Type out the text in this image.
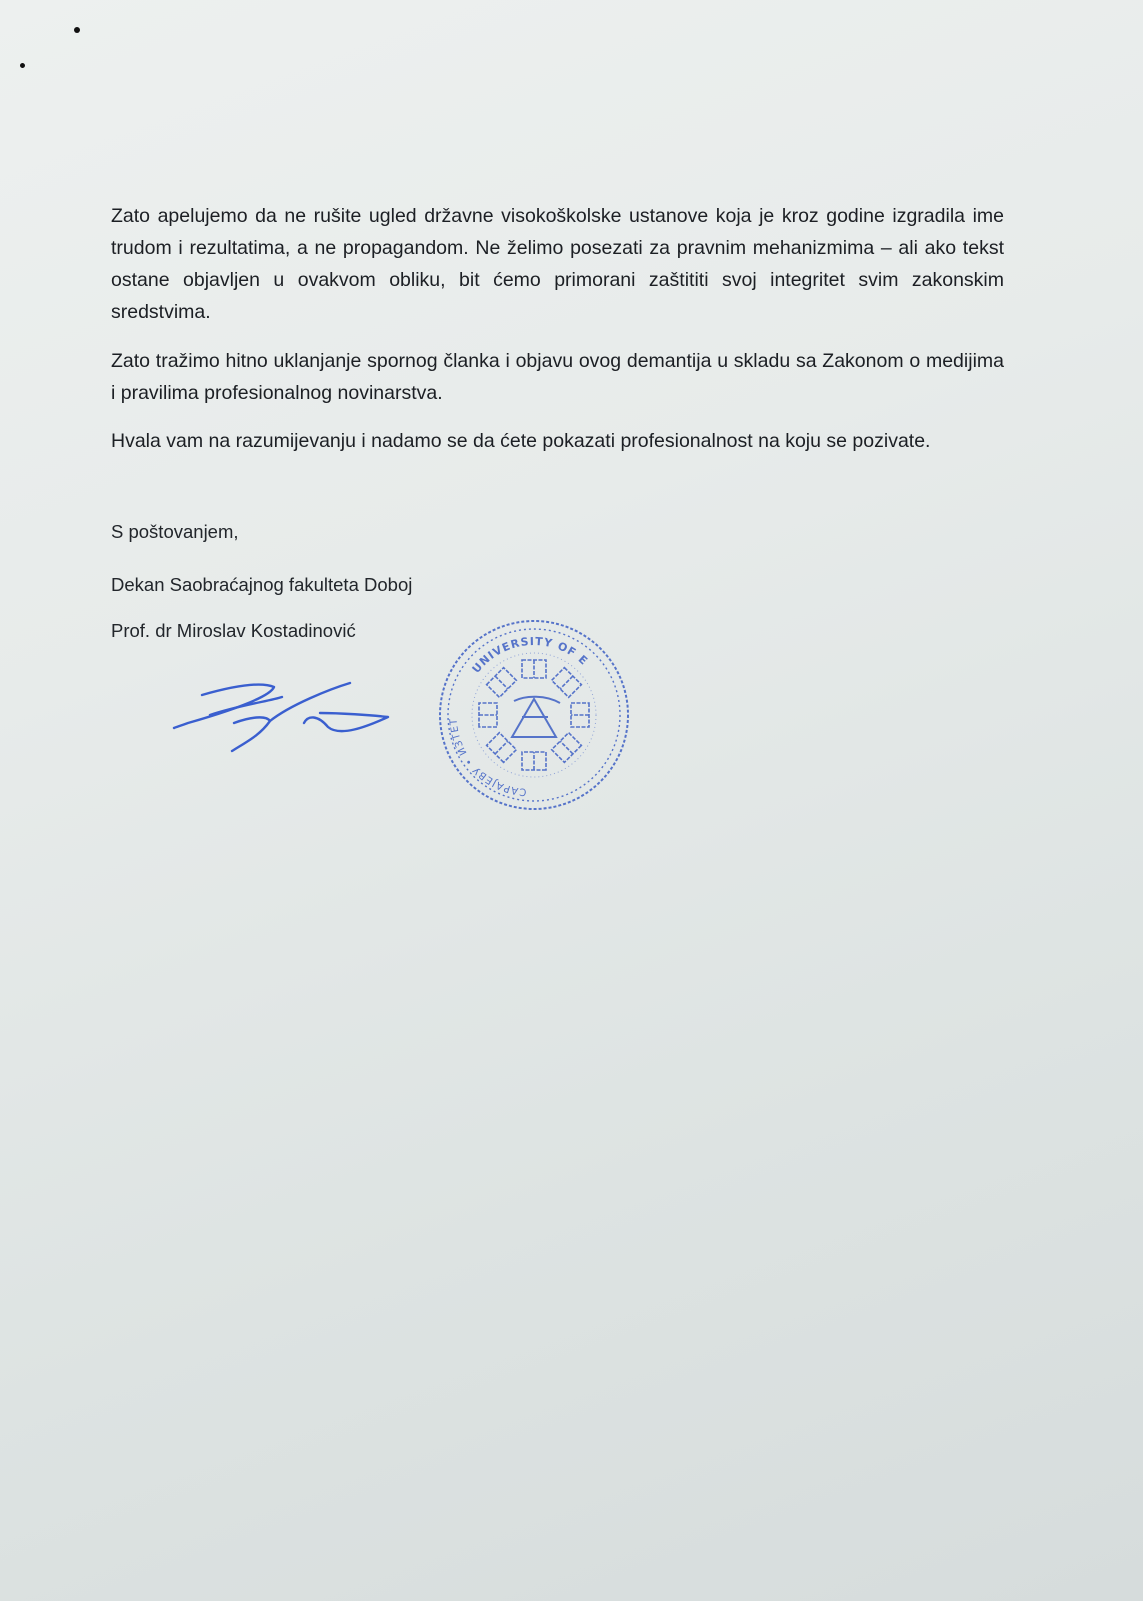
Zato apelujemo da ne rušite ugled državne visokoškolske ustanove koja je kroz godine izgradila ime trudom i rezultatima, a ne propagandom. Ne želimo posezati za pravnim mehanizmima – ali ako tekst ostane objavljen u ovakvom obliku, bit ćemo primorani zaštititi svoj integritet svim zakonskim sredstvima.

Zato tražimo hitno uklanjanje spornog članka i objavu ovog demantija u skladu sa Zakonom o medijima i pravilima profesionalnog novinarstva.

Hvala vam na razumijevanju i nadamo se da ćete pokazati profesionalnost na koju se pozivate.

S poštovanjem,
Dekan Saobraćajnog fakulteta Doboj
Prof. dr Miroslav Kostadinović
UNIVERSITY OF E
CAРАJЕВУ • ИЗТЕТ
